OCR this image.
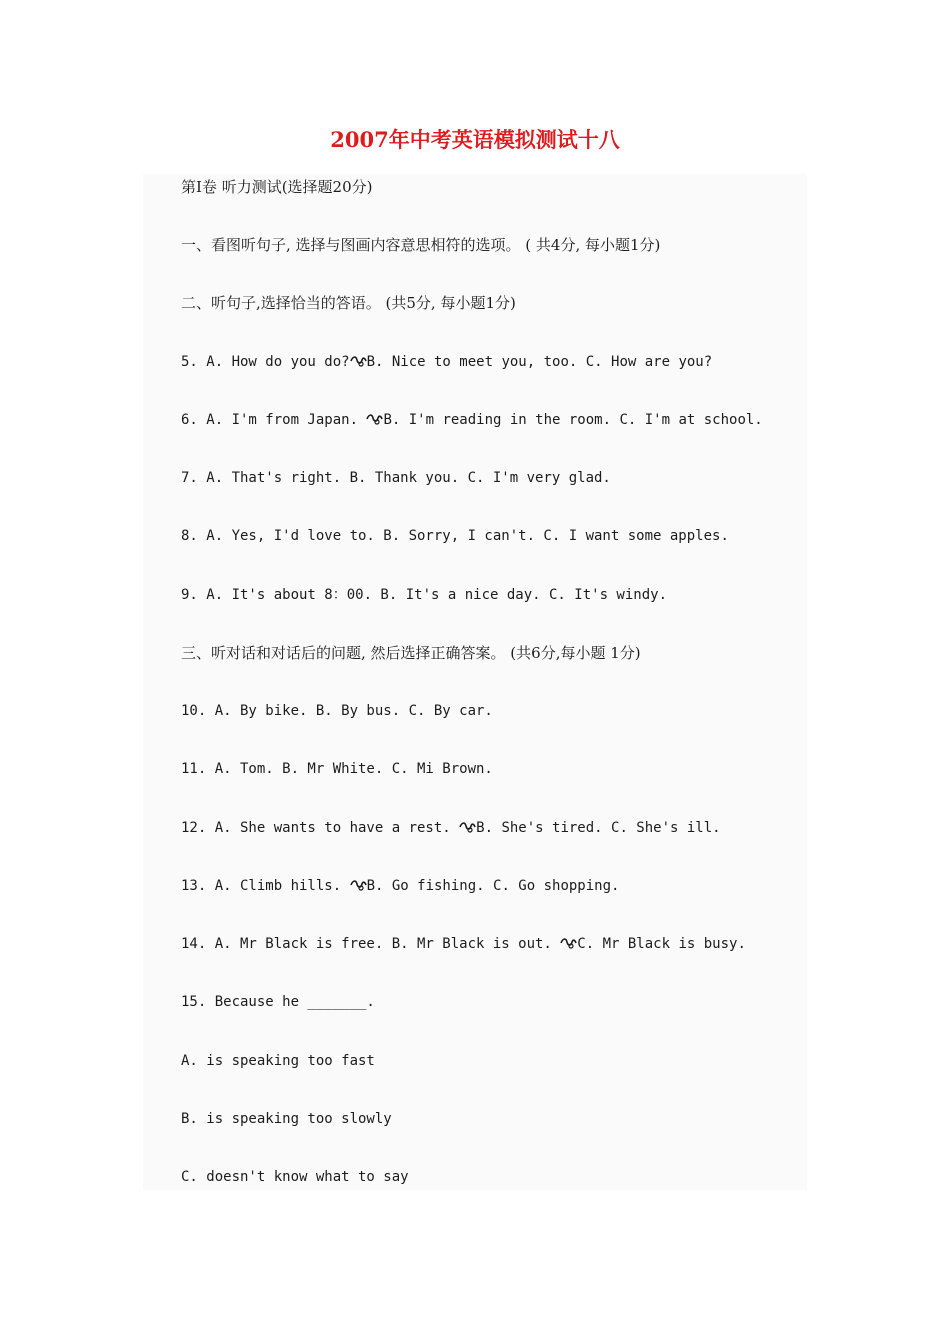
2007年中考英语模拟测试十八

第Ⅰ卷 听力测试(选择题20分)

一、看图听句子, 选择与图画内容意思相符的选项。 ( 共4分, 每小题1分)

二、听句子,选择恰当的答语。 (共5分, 每小题1分)

5. A. How do you do? B. Nice to meet you, too. C. How are you?

6. A. I'm from Japan. B. I'm reading in the room. C. I'm at school.

7. A. That's right. B. Thank you. C. I'm very glad.

8. A. Yes, I'd love to. B. Sorry, I can't. C. I want some apples.

9. A. It's about 8：00. B. It's a nice day. C. It's windy.

三、听对话和对话后的问题, 然后选择正确答案。 (共6分,每小题 1分)

10. A. By bike. B. By bus. C. By car.

11. A. Tom. B. Mr White. C. Mi Brown.

12. A. She wants to have a rest. B. She's tired. C. She's ill.

13. A. Climb hills. B. Go fishing. C. Go shopping.

14. A. Mr Black is free. B. Mr Black is out. C. Mr Black is busy.

15. Because he _______.

A. is speaking too fast

B. is speaking too slowly

C. doesn't know what to say
